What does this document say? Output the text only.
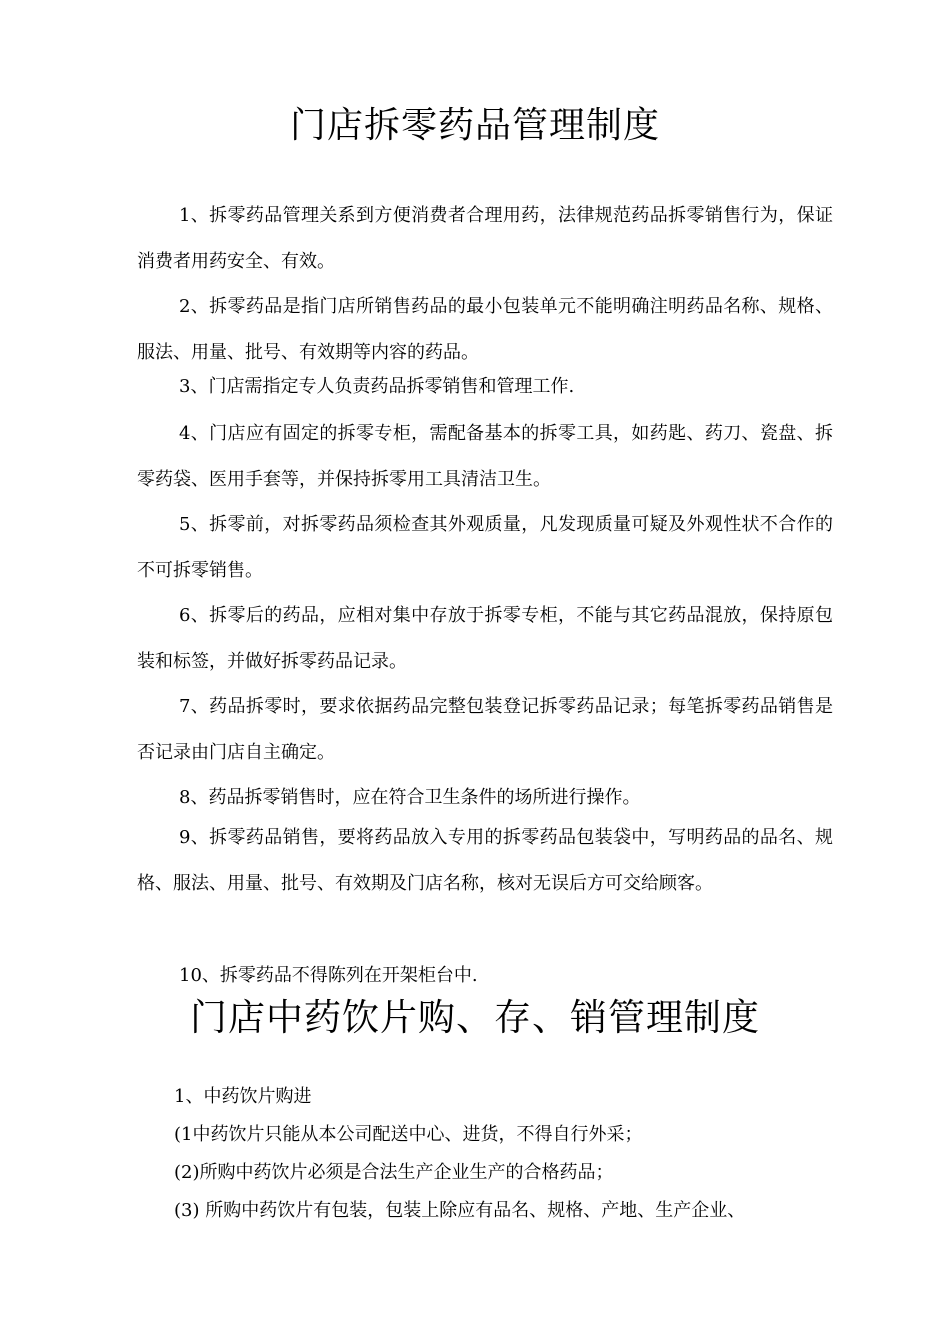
门店拆零药品管理制度

1、拆零药品管理关系到方便消费者合理用药，法律规范药品拆零销售行为，保证消费者用药安全、有效。

2、拆零药品是指门店所销售药品的最小包装单元不能明确注明药品名称、规格、服法、用量、批号、有效期等内容的药品。

3、门店需指定专人负责药品拆零销售和管理工作.

4、门店应有固定的拆零专柜，需配备基本的拆零工具，如药匙、药刀、瓷盘、拆零药袋、医用手套等，并保持拆零用工具清洁卫生。

5、拆零前，对拆零药品须检查其外观质量，凡发现质量可疑及外观性状不合作的不可拆零销售。

6、拆零后的药品，应相对集中存放于拆零专柜，不能与其它药品混放，保持原包装和标签，并做好拆零药品记录。

7、药品拆零时，要求依据药品完整包装登记拆零药品记录；每笔拆零药品销售是否记录由门店自主确定。

8、药品拆零销售时，应在符合卫生条件的场所进行操作。

9、拆零药品销售，要将药品放入专用的拆零药品包装袋中，写明药品的品名、规格、服法、用量、批号、有效期及门店名称，核对无误后方可交给顾客。

10、拆零药品不得陈列在开架柜台中.

门店中药饮片购、存、销管理制度

1、中药饮片购进

(1中药饮片只能从本公司配送中心、进货，不得自行外采；

(2)所购中药饮片必须是合法生产企业生产的合格药品；

(3) 所购中药饮片有包装，包装上除应有品名、规格、产地、生产企业、
